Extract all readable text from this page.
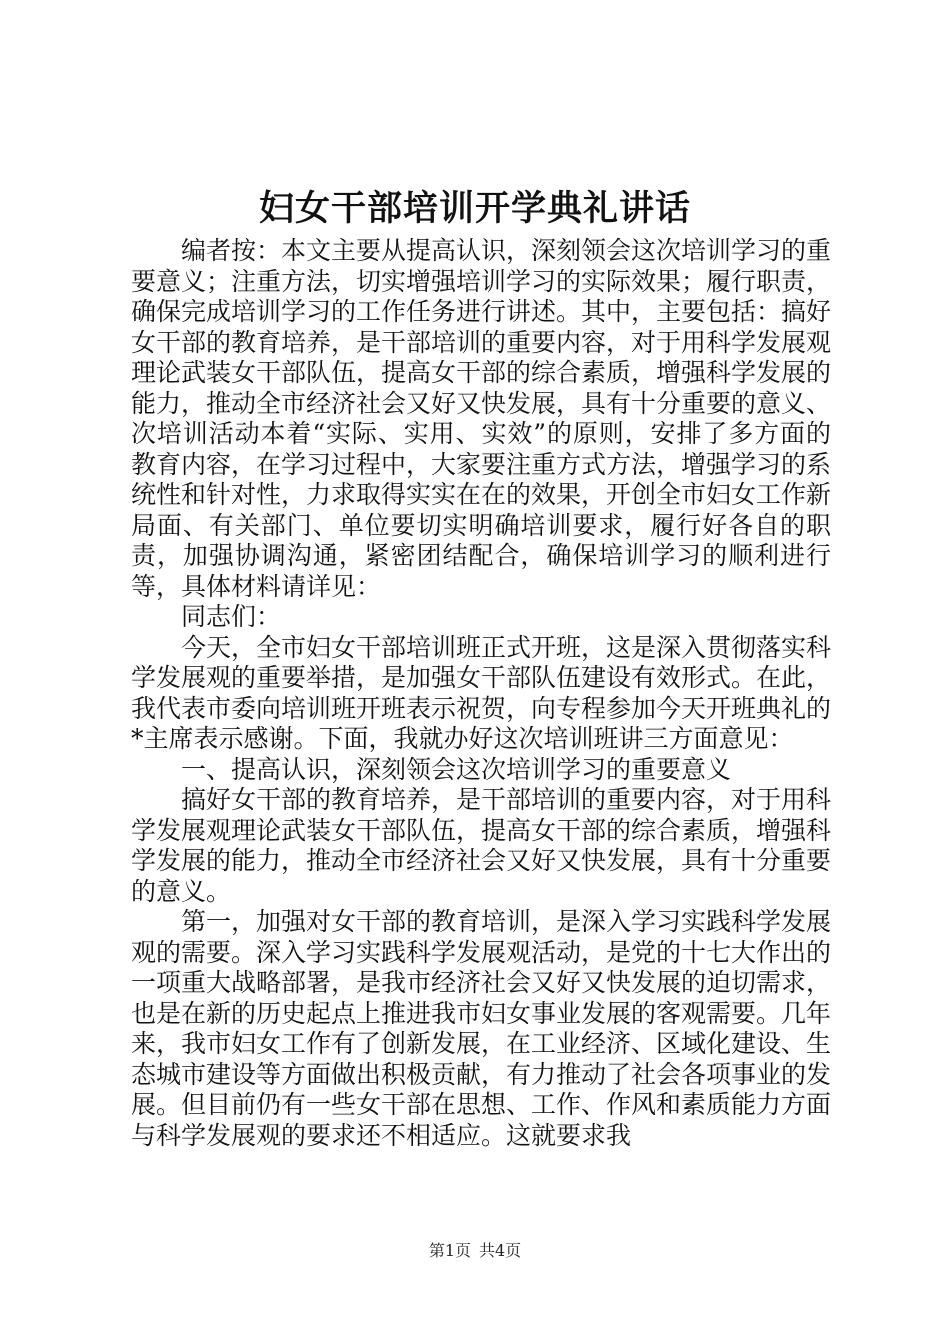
妇女干部培训开学典礼讲话

编者按：本文主要从提高认识，深刻领会这次培训学习的重要意义；注重方法，切实增强培训学习的实际效果；履行职责，确保完成培训学习的工作任务进行讲述。其中，主要包括：搞好女干部的教育培养，是干部培训的重要内容，对于用科学发展观理论武装女干部队伍，提高女干部的综合素质，增强科学发展的能力，推动全市经济社会又好又快发展，具有十分重要的意义、次培训活动本着“实际、实用、实效”的原则，安排了多方面的教育内容，在学习过程中，大家要注重方式方法，增强学习的系统性和针对性，力求取得实实在在的效果，开创全市妇女工作新局面、有关部门、单位要切实明确培训要求，履行好各自的职责，加强协调沟通，紧密团结配合，确保培训学习的顺利进行等，具体材料请详见：

同志们：

今天，全市妇女干部培训班正式开班，这是深入贯彻落实科学发展观的重要举措，是加强女干部队伍建设有效形式。在此，我代表市委向培训班开班表示祝贺，向专程参加今天开班典礼的*主席表示感谢。下面，我就办好这次培训班讲三方面意见：

一、提高认识，深刻领会这次培训学习的重要意义

搞好女干部的教育培养，是干部培训的重要内容，对于用科学发展观理论武装女干部队伍，提高女干部的综合素质，增强科学发展的能力，推动全市经济社会又好又快发展，具有十分重要的意义。

第一，加强对女干部的教育培训，是深入学习实践科学发展观的需要。深入学习实践科学发展观活动，是党的十七大作出的一项重大战略部署，是我市经济社会又好又快发展的迫切需求，也是在新的历史起点上推进我市妇女事业发展的客观需要。几年来，我市妇女工作有了创新发展，在工业经济、区域化建设、生态城市建设等方面做出积极贡献，有力推动了社会各项事业的发展。但目前仍有一些女干部在思想、工作、作风和素质能力方面与科学发展观的要求还不相适应。这就要求我

第1页 共4页
